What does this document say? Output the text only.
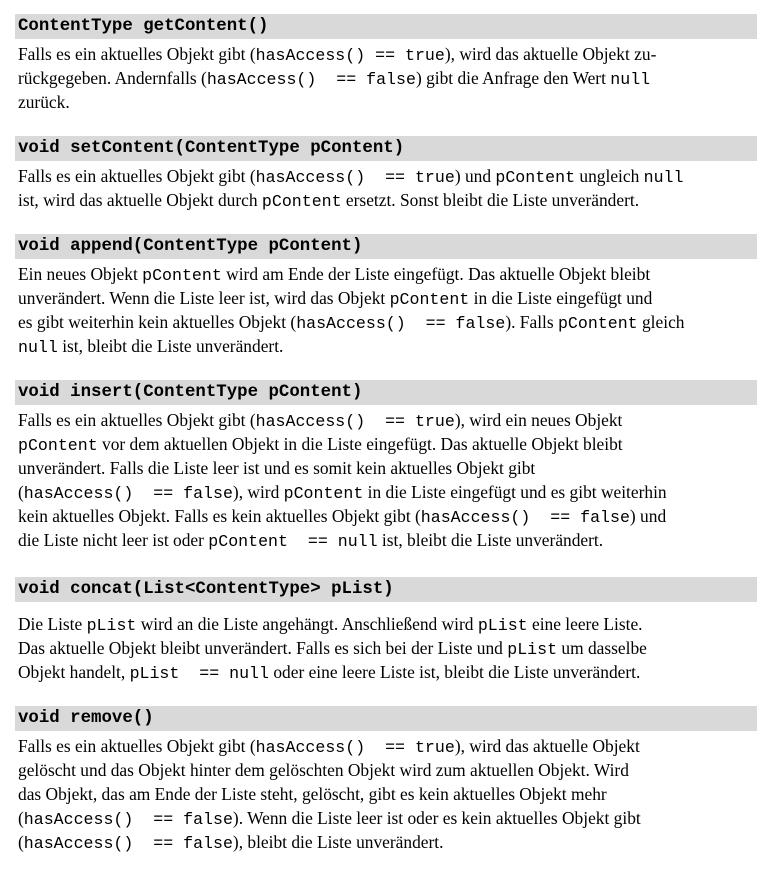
ContentType getContent()
Falls es ein aktuelles Objekt gibt (hasAccess() == true), wird das aktuelle Objekt zu-
rückgegeben. Andernfalls (hasAccess()  == false) gibt die Anfrage den Wert null
zurück.
void setContent(ContentType pContent)
Falls es ein aktuelles Objekt gibt (hasAccess()  == true) und pContent ungleich null
ist, wird das aktuelle Objekt durch pContent ersetzt. Sonst bleibt die Liste unverändert.
void append(ContentType pContent)
Ein neues Objekt pContent wird am Ende der Liste eingefügt. Das aktuelle Objekt bleibt
unverändert. Wenn die Liste leer ist, wird das Objekt pContent in die Liste eingefügt und
es gibt weiterhin kein aktuelles Objekt (hasAccess()  == false). Falls pContent gleich
null ist, bleibt die Liste unverändert.
void insert(ContentType pContent)
Falls es ein aktuelles Objekt gibt (hasAccess()  == true), wird ein neues Objekt
pContent vor dem aktuellen Objekt in die Liste eingefügt. Das aktuelle Objekt bleibt
unverändert. Falls die Liste leer ist und es somit kein aktuelles Objekt gibt
(hasAccess()  == false), wird pContent in die Liste eingefügt und es gibt weiterhin
kein aktuelles Objekt. Falls es kein aktuelles Objekt gibt (hasAccess()  == false) und
die Liste nicht leer ist oder pContent  == null ist, bleibt die Liste unverändert.
void concat(List<ContentType> pList)
Die Liste pList wird an die Liste angehängt. Anschließend wird pList eine leere Liste.
Das aktuelle Objekt bleibt unverändert. Falls es sich bei der Liste und pList um dasselbe
Objekt handelt, pList  == null oder eine leere Liste ist, bleibt die Liste unverändert.
void remove()
Falls es ein aktuelles Objekt gibt (hasAccess()  == true), wird das aktuelle Objekt
gelöscht und das Objekt hinter dem gelöschten Objekt wird zum aktuellen Objekt. Wird
das Objekt, das am Ende der Liste steht, gelöscht, gibt es kein aktuelles Objekt mehr
(hasAccess()  == false). Wenn die Liste leer ist oder es kein aktuelles Objekt gibt
(hasAccess()  == false), bleibt die Liste unverändert.
